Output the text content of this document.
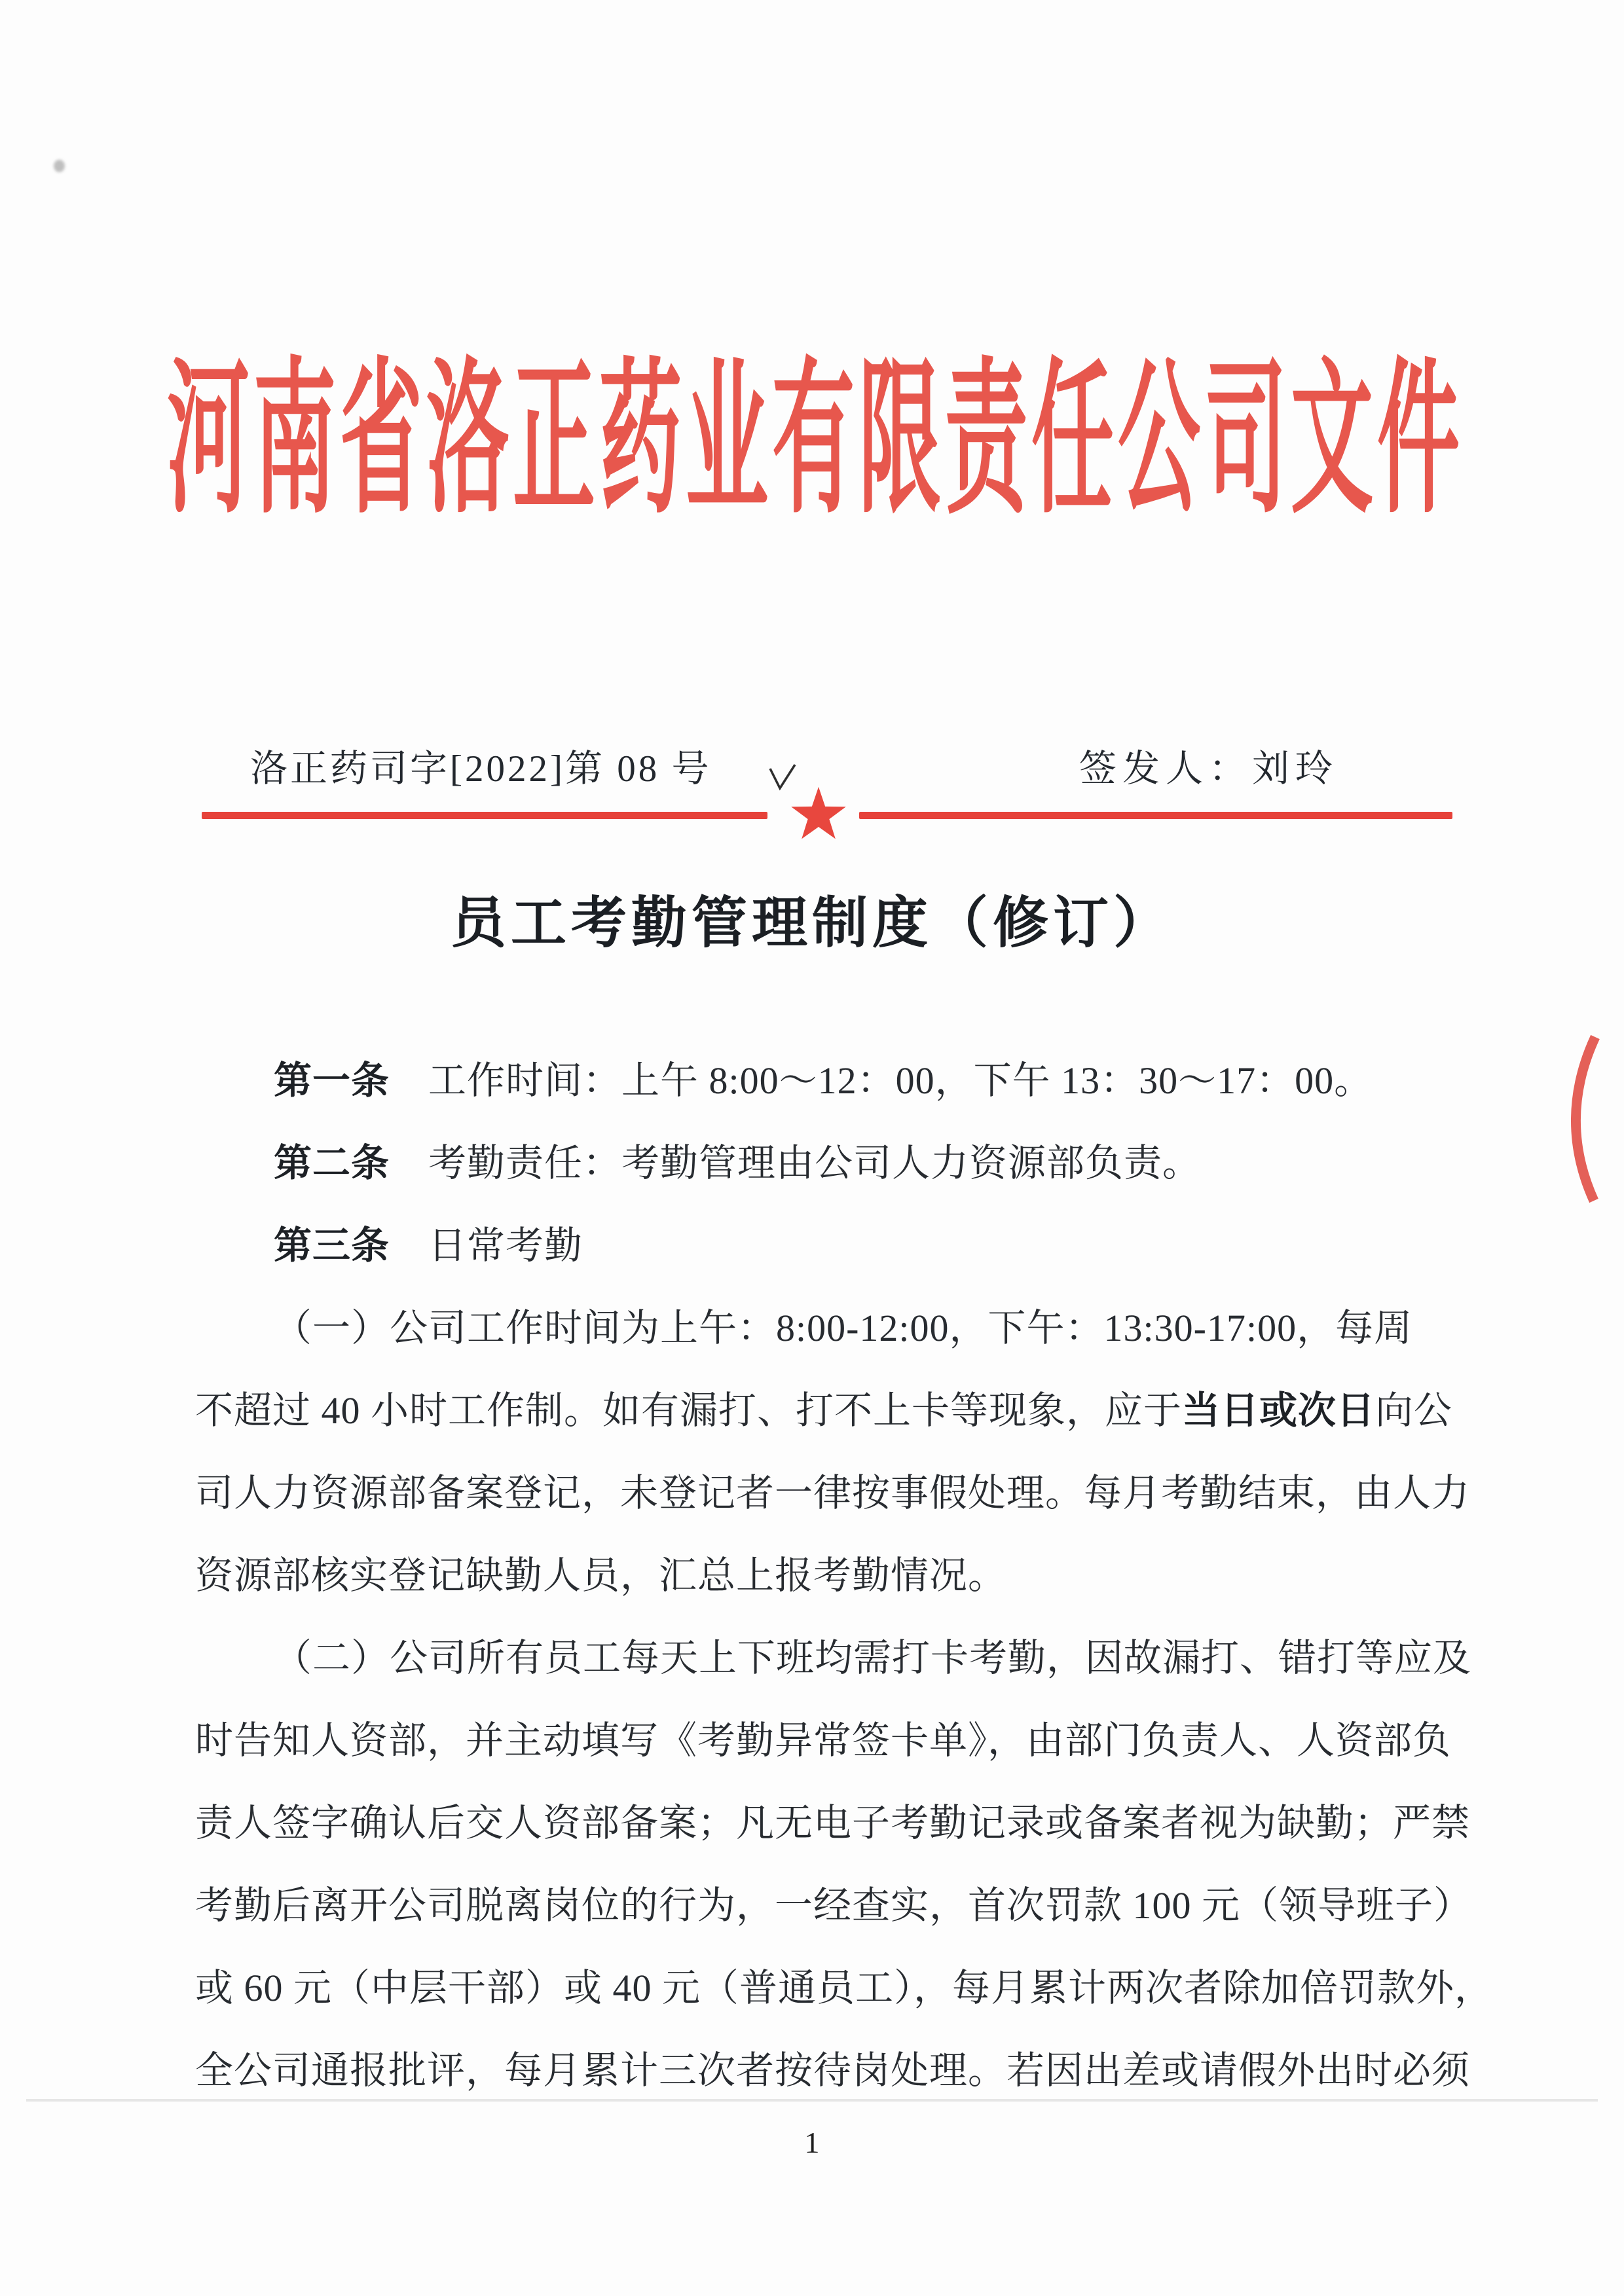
河南省洛正药业有限责任公司文件
洛正药司字[2022]第 08 号	签发人：刘玲
员工考勤管理制度（修订）
第一条　工作时间：上午 8:00～12：00，下午 13：30～17：00。
第二条　考勤责任：考勤管理由公司人力资源部负责。
第三条　日常考勤
（一）公司工作时间为上午：8:00-12:00，下午：13:30-17:00，每周
不超过 40 小时工作制。如有漏打、打不上卡等现象，应于当日或次日向公
司人力资源部备案登记，未登记者一律按事假处理。每月考勤结束，由人力
资源部核实登记缺勤人员，汇总上报考勤情况。
（二）公司所有员工每天上下班均需打卡考勤，因故漏打、错打等应及
时告知人资部，并主动填写《考勤异常签卡单》，由部门负责人、人资部负
责人签字确认后交人资部备案；凡无电子考勤记录或备案者视为缺勤；严禁
考勤后离开公司脱离岗位的行为，一经查实，首次罚款 100 元（领导班子）
或 60 元（中层干部）或 40 元（普通员工），每月累计两次者除加倍罚款外，
全公司通报批评，每月累计三次者按待岗处理。若因出差或请假外出时必须
1
